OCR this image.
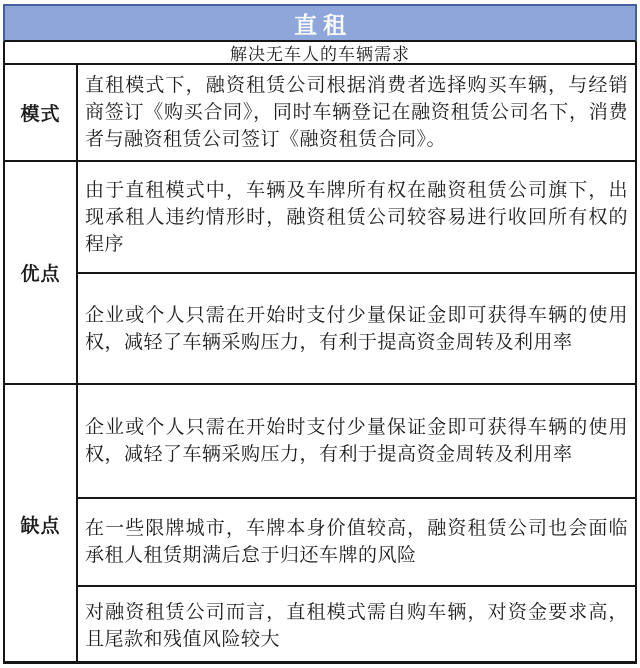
直租
解决无车人的车辆需求
模式

直租模式下，融资租赁公司根据消费者选择购买车辆，与经销商签订《购买合同》，同时车辆登记在融资租赁公司名下，消费者与融资租赁公司签订《融资租赁合同》。

优点

由于直租模式中，车辆及车牌所有权在融资租赁公司旗下，出现承租人违约情形时，融资租赁公司较容易进行收回所有权的程序

企业或个人只需在开始时支付少量保证金即可获得车辆的使用权，减轻了车辆采购压力，有利于提高资金周转及利用率

缺点

企业或个人只需在开始时支付少量保证金即可获得车辆的使用权，减轻了车辆采购压力，有利于提高资金周转及利用率

在一些限牌城市，车牌本身价值较高，融资租赁公司也会面临承租人租赁期满后怠于归还车牌的风险

对融资租赁公司而言，直租模式需自购车辆，对资金要求高，且尾款和残值风险较大
